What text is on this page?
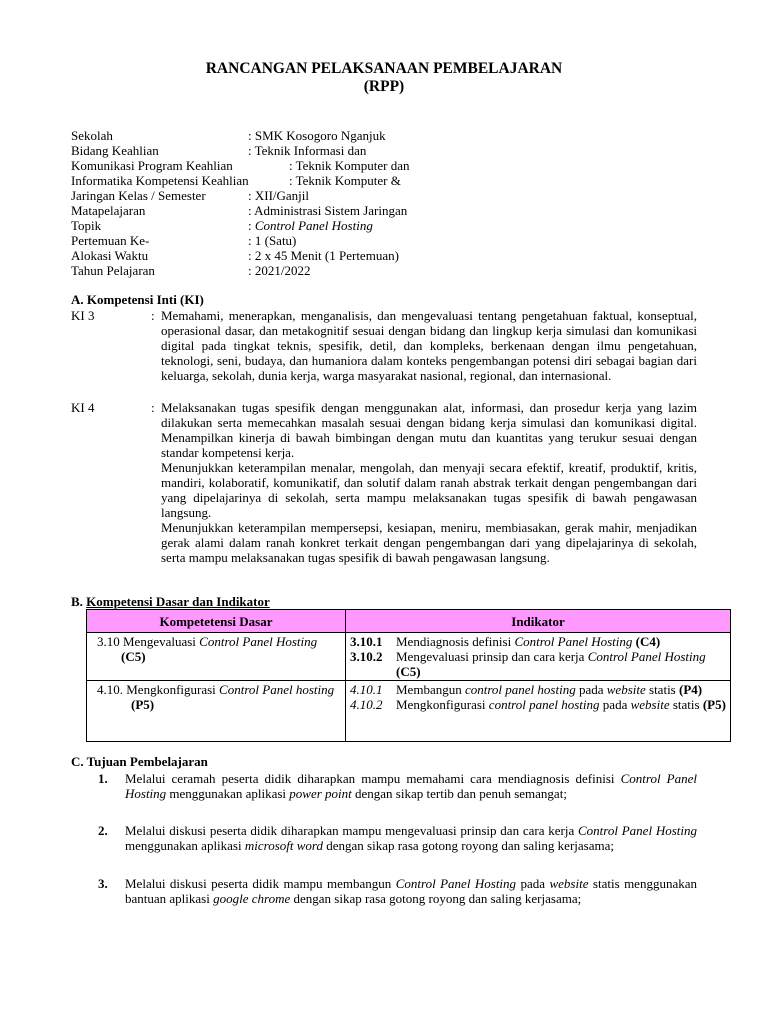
RANCANGAN PELAKSANAAN PEMBELAJARAN
(RPP)
Sekolah	: SMK Kosogoro Nganjuk
Bidang Keahlian	: Teknik Informasi dan
Komunikasi Program Keahlian	: Teknik Komputer dan
Informatika Kompetensi Keahlian	: Teknik Komputer &
Jaringan Kelas / Semester	: XII/Ganjil
Matapelajaran	: Administrasi Sistem Jaringan
Topik	: Control Panel Hosting
Pertemuan Ke-	: 1 (Satu)
Alokasi Waktu	: 2 x 45 Menit (1 Pertemuan)
Tahun Pelajaran	: 2021/2022
A. Kompetensi Inti (KI)
KI 3	: Memahami, menerapkan, menganalisis, dan mengevaluasi tentang pengetahuan faktual, konseptual, operasional dasar, dan metakognitif sesuai dengan bidang dan lingkup kerja simulasi dan komunikasi digital pada tingkat teknis, spesifik, detil, dan kompleks, berkenaan dengan ilmu pengetahuan, teknologi, seni, budaya, dan humaniora dalam konteks pengembangan potensi diri sebagai bagian dari keluarga, sekolah, dunia kerja, warga masyarakat nasional, regional, dan internasional.
KI 4	: Melaksanakan tugas spesifik dengan menggunakan alat, informasi, dan prosedur kerja yang lazim dilakukan serta memecahkan masalah sesuai dengan bidang kerja simulasi dan komunikasi digital. Menampilkan kinerja di bawah bimbingan dengan mutu dan kuantitas yang terukur sesuai dengan standar kompetensi kerja.
Menunjukkan keterampilan menalar, mengolah, dan menyaji secara efektif, kreatif, produktif, kritis, mandiri, kolaboratif, komunikatif, dan solutif dalam ranah abstrak terkait dengan pengembangan dari yang dipelajarinya di sekolah, serta mampu melaksanakan tugas spesifik di bawah pengawasan langsung.
Menunjukkan keterampilan mempersepsi, kesiapan, meniru, membiasakan, gerak mahir, menjadikan gerak alami dalam ranah konkret terkait dengan pengembangan dari yang dipelajarinya di sekolah, serta mampu melaksanakan tugas spesifik di bawah pengawasan langsung.
B. Kompetensi Dasar dan Indikator
Kompetetensi Dasar	Indikator

3.10 Mengevaluasi Control Panel Hosting (C5)	3.10.1 Mendiagnosis definisi Control Panel Hosting (C4)
3.10.2 Mengevaluasi prinsip dan cara kerja Control Panel Hosting (C5)

4.10. Mengkonfigurasi Control Panel hosting (P5)	4.10.1 Membangun control panel hosting pada website statis (P4)
4.10.2 Mengkonfigurasi control panel hosting pada website statis (P5)
C. Tujuan Pembelajaran
1. Melalui ceramah peserta didik diharapkan mampu memahami cara mendiagnosis definisi Control Panel Hosting menggunakan aplikasi power point dengan sikap tertib dan penuh semangat;
2. Melalui diskusi peserta didik diharapkan mampu mengevaluasi prinsip dan cara kerja Control Panel Hosting menggunakan aplikasi microsoft word dengan sikap rasa gotong royong dan saling kerjasama;
3. Melalui diskusi peserta didik mampu membangun Control Panel Hosting pada website statis menggunakan bantuan aplikasi google chrome dengan sikap rasa gotong royong dan saling kerjasama;
